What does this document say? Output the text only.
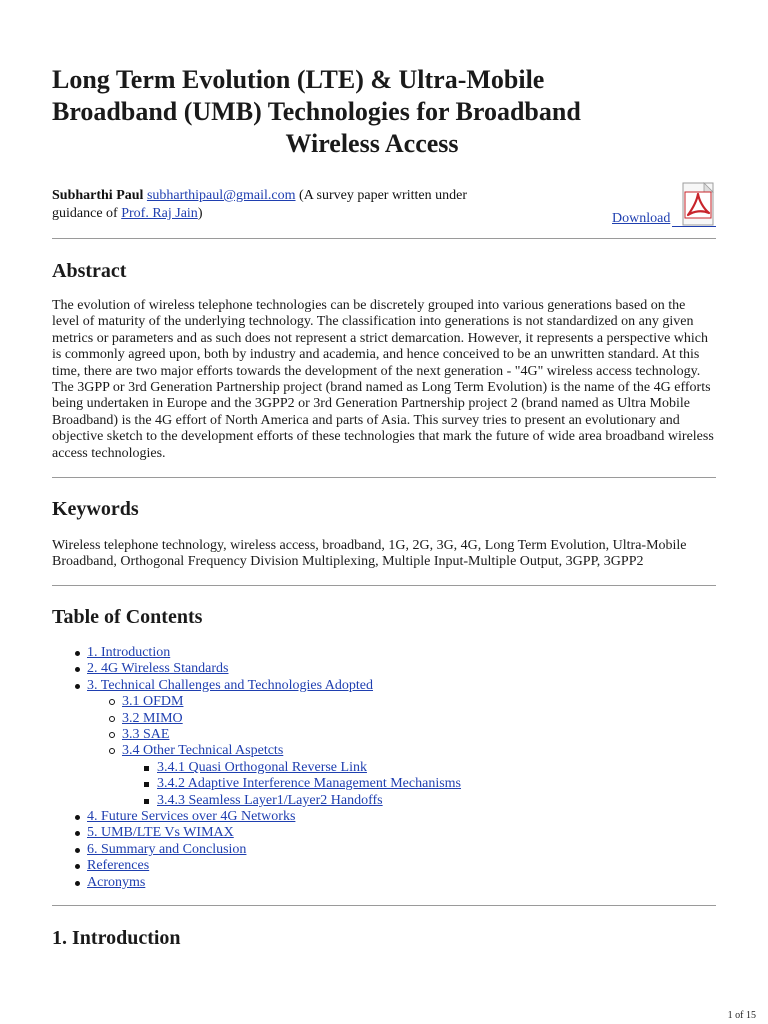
Long Term Evolution (LTE) & Ultra-Mobile
Broadband (UMB) Technologies for Broadband
Wireless Access
Subharthi Paul subharthipaul@gmail.com (A survey paper written under
guidance of Prof. Raj Jain)	Download
Abstract

The evolution of wireless telephone technologies can be discretely grouped into various generations based on the level of maturity of the underlying technology. The classification into generations is not standardized on any given metrics or parameters and as such does not represent a strict demarcation. However, it represents a perspective which is commonly agreed upon, both by industry and academia, and hence conceived to be an unwritten standard. At this time, there are two major efforts towards the development of the next generation - "4G" wireless access technology. The 3GPP or 3rd Generation Partnership project (brand named as Long Term Evolution) is the name of the 4G efforts being undertaken in Europe and the 3GPP2 or 3rd Generation Partnership project 2 (brand named as Ultra Mobile Broadband) is the 4G effort of North America and parts of Asia. This survey tries to present an evolutionary and objective sketch to the development efforts of these technologies that mark the future of wide area broadband wireless access technologies.

Keywords

Wireless telephone technology, wireless access, broadband, 1G, 2G, 3G, 4G, Long Term Evolution, Ultra-Mobile Broadband, Orthogonal Frequency Division Multiplexing, Multiple Input-Multiple Output, 3GPP, 3GPP2

Table of Contents
1. Introduction
2. 4G Wireless Standards
3. Technical Challenges and Technologies Adopted
3.1 OFDM
3.2 MIMO
3.3 SAE
3.4 Other Technical Aspetcts
3.4.1 Quasi Orthogonal Reverse Link
3.4.2 Adaptive Interference Management Mechanisms
3.4.3 Seamless Layer1/Layer2 Handoffs
4. Future Services over 4G Networks
5. UMB/LTE Vs WIMAX
6. Summary and Conclusion
References
Acronyms
1. Introduction
1 of 15
